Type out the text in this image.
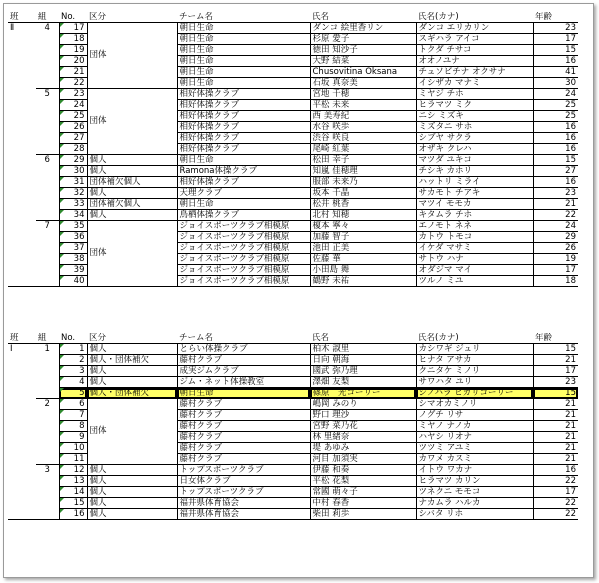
班	組	No.	区分	チーム名	氏名	氏名(カナ)	年齢
Ⅱ	4	17	団体	朝日生命	ダンコ 絵里香リン	ダンコ エリカリン	23
		18		朝日生命	杉原 愛子	スギハラ アイコ	17
		19		朝日生命	徳田 知沙子	トクダ チサコ	15
		20		朝日生命	大野 結菜	オオノユナ	16
		21		朝日生命	Chusovitina Oksana	チュソビチナ オクサナ	41
		22		朝日生命	石坂 真奈美	イシザカ マナミ	30
	5	23	団体	相好体操クラブ	宮地 千穂	ミヤジ チホ	24
		24		相好体操クラブ	平松 未来	ヒラマツ ミク	25
		25		相好体操クラブ	西 美寿紀	ニシ ミズキ	25
		26		相好体操クラブ	水谷 咲歩	ミズタニ サホ	16
		27		相好体操クラブ	渋谷 咲良	シブヤ サクラ	16
		28		相好体操クラブ	尾崎 紅葉	オザキ クレハ	16
	6	29	個人	朝日生命	松田 幸子	マツダ ユキコ	15
		30	個人	Ramona体操クラブ	知嵐 佳穂理	チシキ カホリ	27
		31	団体補欠個人	相好体操クラブ	服部 未来乃	ハットリ ミライ	16
		32	個人	天理クラブ	坂本 千晶	サカモト チアキ	23
		33	団体補欠個人	朝日生命	松井 桃香	マツイ モモカ	21
		34	個人	鳥栖体操クラブ	北村 知穂	キタムラ チホ	22
	7	35	団体	ジョイスポーツクラブ相模原	榎本 寧々	エノモト ネネ	24
		36		ジョイスポーツクラブ相模原	加藤 智子	カトウ トモコ	29
		37		ジョイスポーツクラブ相模原	池田 正美	イケダ マサミ	26
		38		ジョイスポーツクラブ相模原	佐藤 華	サトウ ハナ	19
		39		ジョイスポーツクラブ相模原	小田島 舞	オダジマ マイ	17
		40		ジョイスポーツクラブ相模原	鶴野 未祐	ツルノ ミユ	18
班	組	No.	区分	チーム名	氏名	氏名(カナ)	年齢
Ⅰ	1	1	個人	とらい体操クラブ	柏木 淑里	カシワギ ジュリ	15
		2	個人・団体補欠	藤村クラブ	日向 朝海	ヒナタ アサカ	21
		3	個人	成実ジムクラブ	國武 弥乃理	クニタケ ミノリ	17
		4	個人	ジム・ネット体操教室	澤畑 友梨	サワハタ ユリ	23
		5	個人・団体補欠	朝日生命	篠原　光コーリー	シノハラ ヒカリコーリー	15
	2	6	団体	藤村クラブ	嶋岡 みのり	シマオカミノリ	21
		7		藤村クラブ	野口 理沙	ノグチ リサ	21
		8		藤村クラブ	宮野 菜乃花	ミヤノ ナノカ	21
		9		藤村クラブ	林 里緒奈	ハヤシ リオナ	21
		10		藤村クラブ	堤 あゆみ	ツツミ アユミ	21
		11		藤村クラブ	河目 加須実	カワメ カスミ	21
	3	12	個人	トップスポーツクラブ	伊藤 和奏	イトウ ワカナ	16
		13	個人	日女体クラブ	平松 花梨	ヒラマツ カリン	22
		14	個人	トップスポーツクラブ	常國 萌々子	ツネクニ モモコ	17
		15	個人	福井県体育協会	中村 春香	ナカムラ ハルカ	22
		16	個人	福井県体育協会	柴田 莉歩	シバタ リホ	22
